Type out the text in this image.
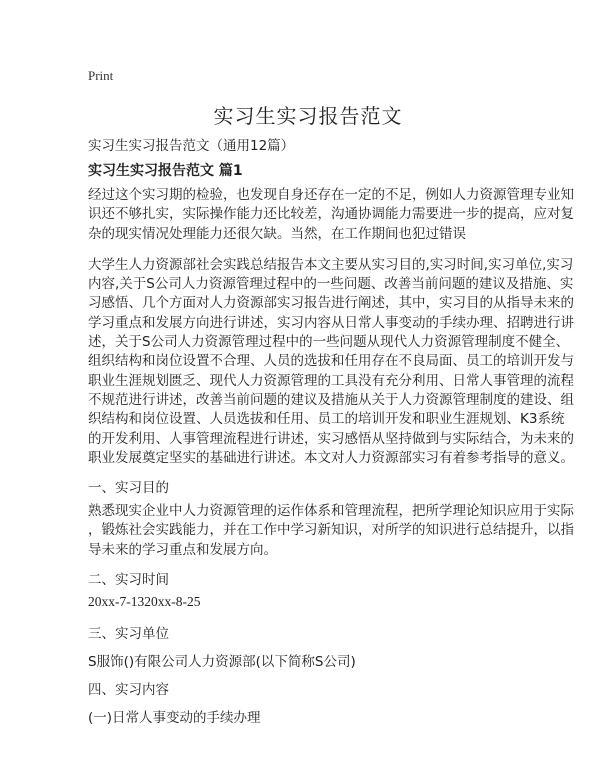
Print
实习生实习报告范文
实习生实习报告范文（通用12篇）
实习生实习报告范文 篇1
经过这个实习期的检验，也发现自身还存在一定的不足，例如人力资源管理专业知
识还不够扎实，实际操作能力还比较差，沟通协调能力需要进一步的提高，应对复
杂的现实情况处理能力还很欠缺。当然，在工作期间也犯过错误
大学生人力资源部社会实践总结报告本文主要从实习目的,实习时间,实习单位,实习
内容,关于S公司人力资源管理过程中的一些问题、改善当前问题的建议及措施、实
习感悟、几个方面对人力资源部实习报告进行阐述，其中，实习目的从指导未来的
学习重点和发展方向进行讲述，实习内容从日常人事变动的手续办理、招聘进行讲
述，关于S公司人力资源管理过程中的一些问题从现代人力资源管理制度不健全、
组织结构和岗位设置不合理、人员的选拔和任用存在不良局面、员工的培训开发与
职业生涯规划匮乏、现代人力资源管理的工具没有充分利用、日常人事管理的流程
不规范进行讲述，改善当前问题的建议及措施从关于人力资源管理制度的建设、组
织结构和岗位设置、人员选拔和任用、员工的培训开发和职业生涯规划、K3系统
的开发利用、人事管理流程进行讲述，实习感悟从坚持做到与实际结合，为未来的
职业发展奠定坚实的基础进行讲述。本文对人力资源部实习有着参考指导的意义。
一、实习目的
熟悉现实企业中人力资源管理的运作体系和管理流程，把所学理论知识应用于实际
，锻炼社会实践能力，并在工作中学习新知识，对所学的知识进行总结提升，以指
导未来的学习重点和发展方向。
二、实习时间
20xx-7-1320xx-8-25
三、实习单位
S服饰()有限公司人力资源部(以下简称S公司)
四、实习内容
(一)日常人事变动的手续办理
